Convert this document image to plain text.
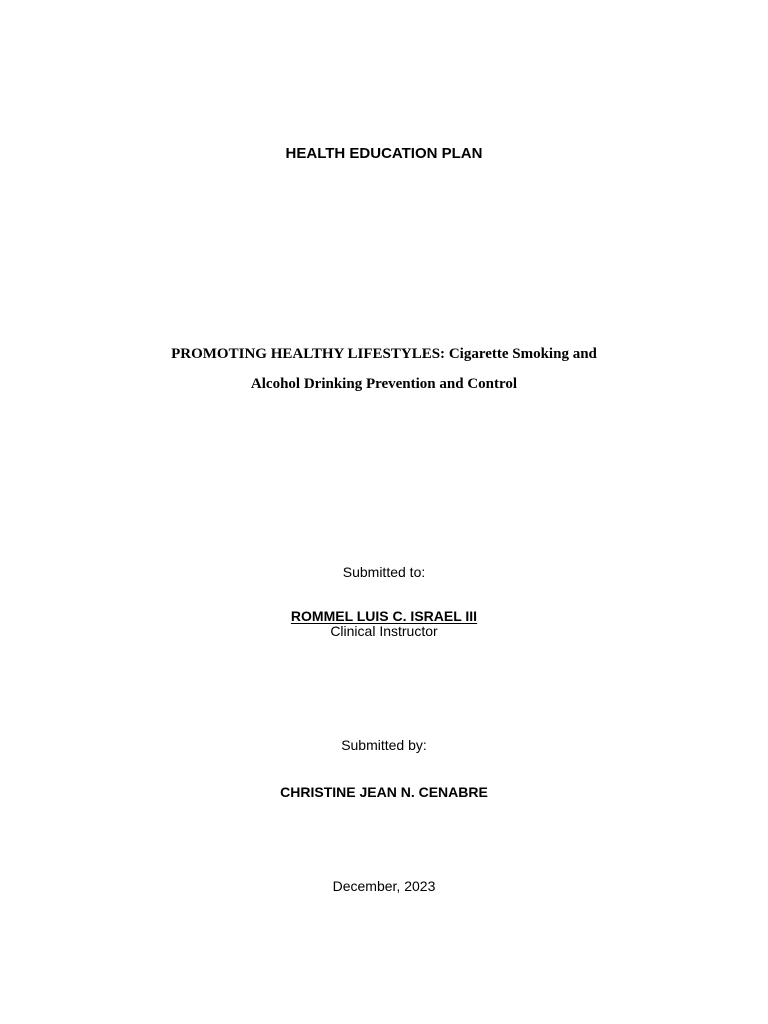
HEALTH EDUCATION PLAN
PROMOTING HEALTHY LIFESTYLES: Cigarette Smoking and
Alcohol Drinking Prevention and Control
Submitted to:
ROMMEL LUIS C. ISRAEL III
Clinical Instructor
Submitted by:
CHRISTINE JEAN N. CENABRE
December, 2023
